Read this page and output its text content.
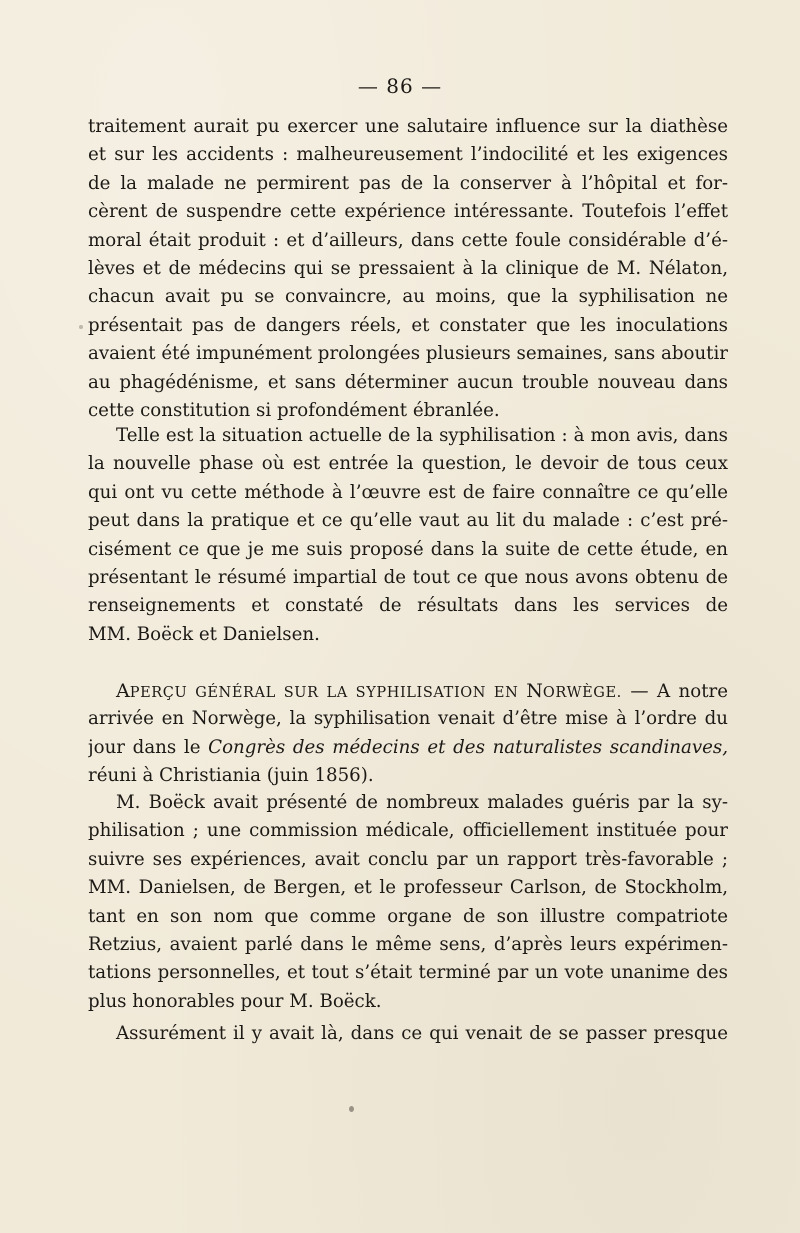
— 86 —
traitement aurait pu exercer une salutaire influence sur la diathèse
et sur les accidents : malheureusement l’indocilité et les exigences
de la malade ne permirent pas de la conserver à l’hôpital et for-
cèrent de suspendre cette expérience intéressante. Toutefois l’effet
moral était produit : et d’ailleurs, dans cette foule considérable d’é-
lèves et de médecins qui se pressaient à la clinique de M. Nélaton,
chacun avait pu se convaincre, au moins, que la syphilisation ne
présentait pas de dangers réels, et constater que les inoculations
avaient été impunément prolongées plusieurs semaines, sans aboutir
au phagédénisme, et sans déterminer aucun trouble nouveau dans
cette constitution si profondément ébranlée.
Telle est la situation actuelle de la syphilisation : à mon avis, dans
la nouvelle phase où est entrée la question, le devoir de tous ceux
qui ont vu cette méthode à l’œuvre est de faire connaître ce qu’elle
peut dans la pratique et ce qu’elle vaut au lit du malade : c’est pré-
cisément ce que je me suis proposé dans la suite de cette étude, en
présentant le résumé impartial de tout ce que nous avons obtenu de
renseignements et constaté de résultats dans les services de
MM. Boëck et Danielsen.
APERÇU GÉNÉRAL SUR LA SYPHILISATION EN NORWÈGE. — A notre
arrivée en Norwège, la syphilisation venait d’être mise à l’ordre du
jour dans le Congrès des médecins et des naturalistes scandinaves,
réuni à Christiania (juin 1856).
M. Boëck avait présenté de nombreux malades guéris par la sy-
philisation ; une commission médicale, officiellement instituée pour
suivre ses expériences, avait conclu par un rapport très-favorable ;
MM. Danielsen, de Bergen, et le professeur Carlson, de Stockholm,
tant en son nom que comme organe de son illustre compatriote
Retzius, avaient parlé dans le même sens, d’après leurs expérimen-
tations personnelles, et tout s’était terminé par un vote unanime des
plus honorables pour M. Boëck.
Assurément il y avait là, dans ce qui venait de se passer presque
